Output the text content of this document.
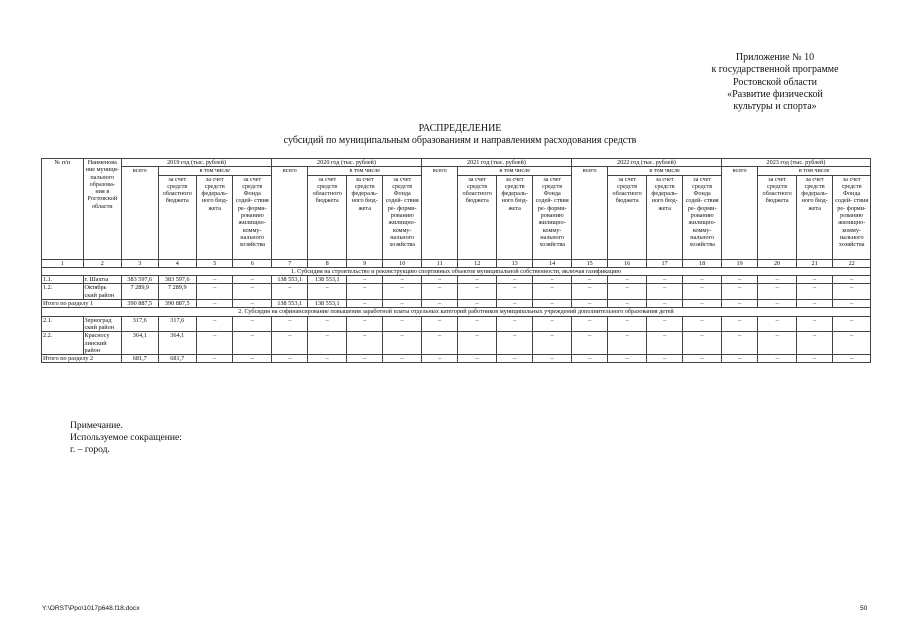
Приложение № 10
к государственной программе
Ростовской области
«Развитие физической
культуры и спорта»
РАСПРЕДЕЛЕНИЕ
субсидий по муниципальным образованиям и направлениям расходования средств
№ п/п	Наименова ние муници- пального образова- ния в Ростовской области	2019 год (тыс. рублей)				2020 год (тыс. рублей)				2021 год (тыс. рублей)				2022 год (тыс. рублей)				2023 год (тыс. рублей)			
		всего	в том числе			всего	в том числе			всего	в том числе			всего	в том числе			всего	в том числе		
			за счет средств областного бюджета	за счет средств федераль- ного бюд- жета	за счет средств Фонда содей- ствия ре- форми- рованию жилищно- комму- нального хозяйства		за счет средств областного бюджета	за счет средств федераль- ного бюд- жета	за счет средств Фонда содей- ствия ре- форми- рованию жилищно- комму- нального хозяйства		за счет средств областного бюджета	за счет средств федераль- ного бюд- жета	за счет средств Фонда содей- ствия ре- форми- рованию жилищно- комму- нального хозяйства		за счет средств областного бюджета	за счет средств федераль- ного бюд- жета	за счет средств Фонда содей- ствия ре- форми- рованию жилищно- комму- нального хозяйства		за счет средств областного бюджета	за счет средств федераль- ного бюд- жета	за счет средств Фонда содей- ствия ре- форми- рованию жилищно- комму- нального хозяйства
1	2	3	4	5	6	7	8	9	10	11	12	13	14	15	16	17	18	19	20	21	22
1. Субсидия на строительство и реконструкцию спортивных объектов муниципальной собственности, включая газификацию																					
1.1.	г. Шахты	383 597,6	383 597,6	–	–	138 553,1	138 553,1	–	–	–	–	–	–	–	–	–	–	–	–	–	–
1.2.	Октябрь ский район	7 289,9	7 289,9	–	–	–	–	–	–	–	–	–	–	–	–	–	–	–	–	–	–
Итого по разделу 1		390 887,5	390 887,5	–	–	138 553,1	138 553,1	–	–	–	–	–	–	–	–	–	–	–	–	–	–
2. Субсидия на софинансирование повышения заработной платы отдельных категорий работников муниципальных учреждений дополнительного образования детей																					
2.1.	Зерноград ский район	317,6	317,6	–	–	–	–	–	–	–	–	–	–	–	–	–	–	–	–	–	–
2.2.	Красносу линский район	364,1	364,1	–	–	–	–	–	–	–	–	–	–	–	–	–	–	–	–	–	–
Итого по разделу 2		681,7	681,7	–	–	–	–	–	–	–	–	–	–	–	–	–	–	–	–	–	–
Примечание.
Используемое сокращение:
г. – город.
Y:\ORST\Ppo\1017p648.f18.docx	50
